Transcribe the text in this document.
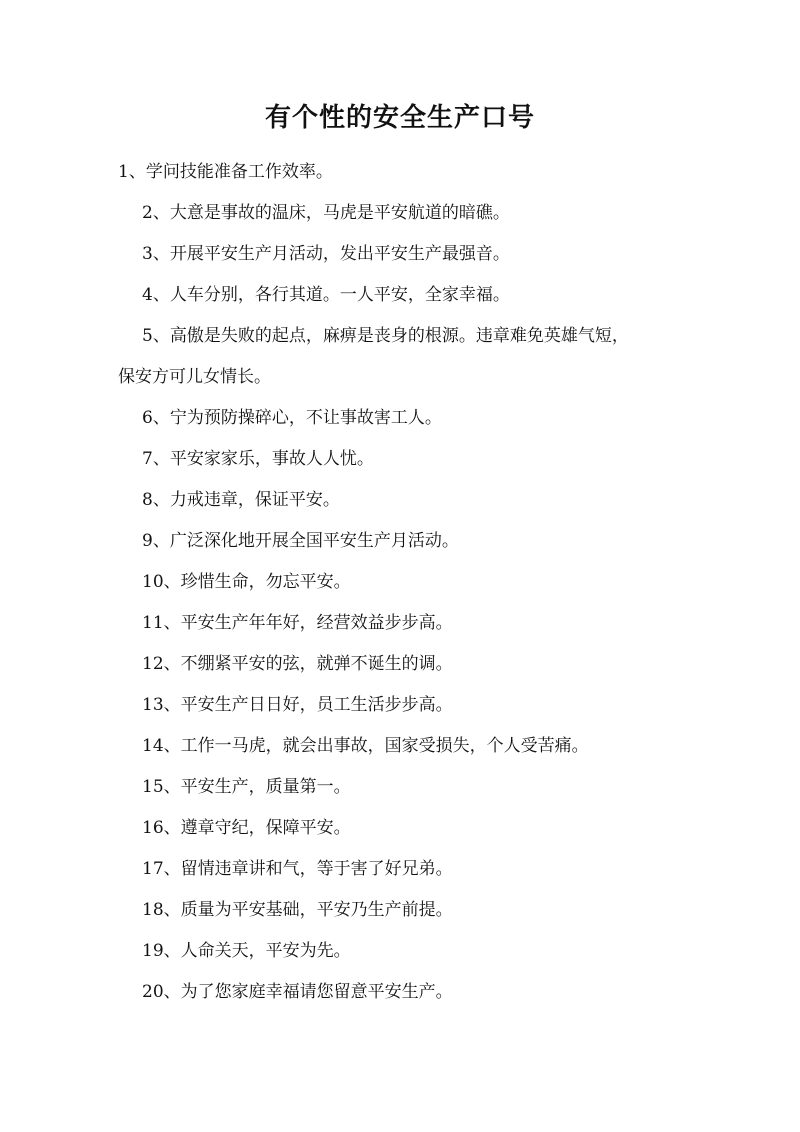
有个性的安全生产口号
1、学问技能准备工作效率。
2、大意是事故的温床，马虎是平安航道的暗礁。
3、开展平安生产月活动，发出平安生产最强音。
4、人车分别，各行其道。一人平安，全家幸福。
5、高傲是失败的起点，麻痹是丧身的根源。违章难免英雄气短，
保安方可儿女情长。
6、宁为预防操碎心，不让事故害工人。
7、平安家家乐，事故人人忧。
8、力戒违章，保证平安。
9、广泛深化地开展全国平安生产月活动。
10、珍惜生命，勿忘平安。
11、平安生产年年好，经营效益步步高。
12、不绷紧平安的弦，就弹不诞生的调。
13、平安生产日日好，员工生活步步高。
14、工作一马虎，就会出事故，国家受损失，个人受苦痛。
15、平安生产，质量第一。
16、遵章守纪，保障平安。
17、留情违章讲和气，等于害了好兄弟。
18、质量为平安基础，平安乃生产前提。
19、人命关天，平安为先。
20、为了您家庭幸福请您留意平安生产。
